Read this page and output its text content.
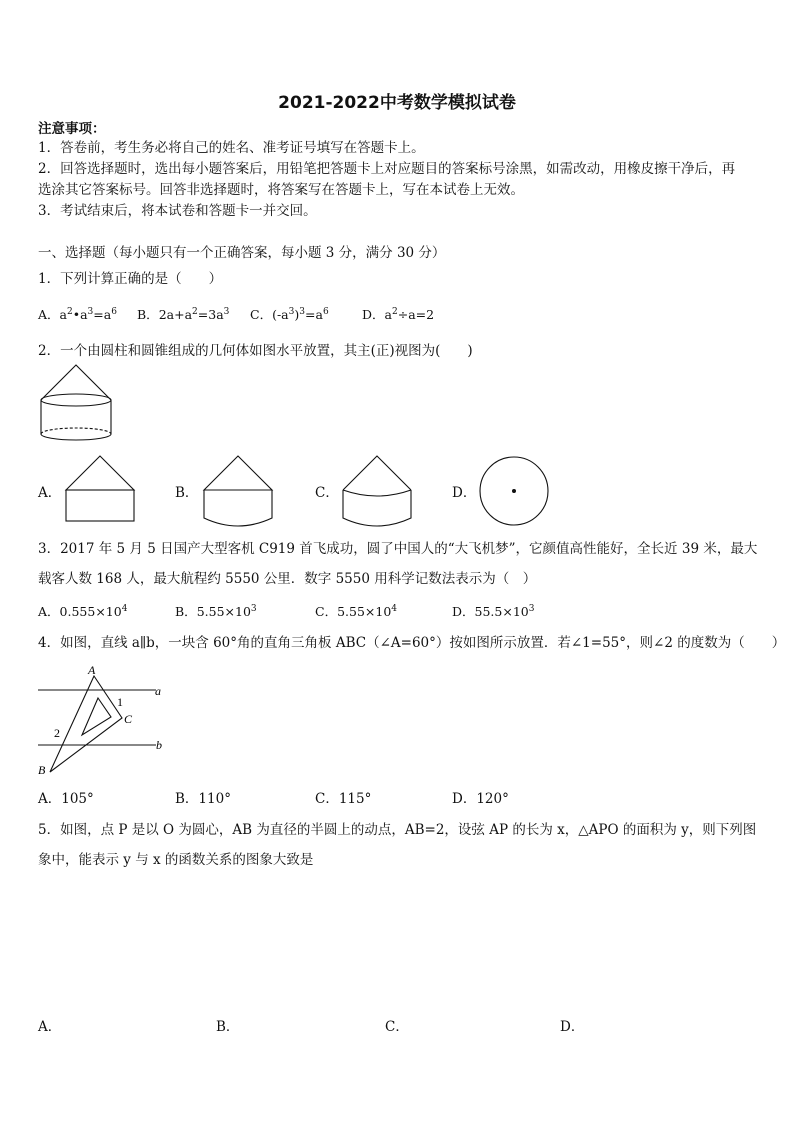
2021-2022中考数学模拟试卷
注意事项：
1．答卷前，考生务必将自己的姓名、准考证号填写在答题卡上。
2．回答选择题时，选出每小题答案后，用铅笔把答题卡上对应题目的答案标号涂黑，如需改动，用橡皮擦干净后，再
选涂其它答案标号。回答非选择题时，将答案写在答题卡上，写在本试卷上无效。
3．考试结束后，将本试卷和答题卡一并交回。
一、选择题（每小题只有一个正确答案，每小题 3 分，满分 30 分）
1．下列计算正确的是（　　）
A．$a^2•a^3=a^6$ B．$2a+a^2=3a^3$ C．$(-a^3)^3=a^6$	D．$a^2\div a=2$
2．一个由圆柱和圆锥组成的几何体如图水平放置，其主(正)视图为(　　)
A．	B．	C．	D．
3．2017 年 5 月 5 日国产大型客机 C919 首飞成功，圆了中国人的“大飞机梦”，它颜值高性能好，全长近 39 米，最大
载客人数 168 人，最大航程约 5550 公里．数字 5550 用科学记数法表示为（　）
A．$0.555\times 10^4$	B．$5.55\times 10^3$	C．$5.55\times 10^4$	D．$55.5\times 10^3$
4．如图，直线 a∥b，一块含 60°角的直角三角板 ABC（∠A=60°）按如图所示放置．若∠1=55°，则∠2 的度数为（　　）
A
B
C
a
b
1
2
A．105°	B．110°	C．115°	D．120°
5．如图，点 P 是以 O 为圆心，AB 为直径的半圆上的动点，AB=2，设弦 AP 的长为 x，△APO 的面积为 y，则下列图
象中，能表示 y 与 x 的函数关系的图象大致是
A．	B．	C．	D．
